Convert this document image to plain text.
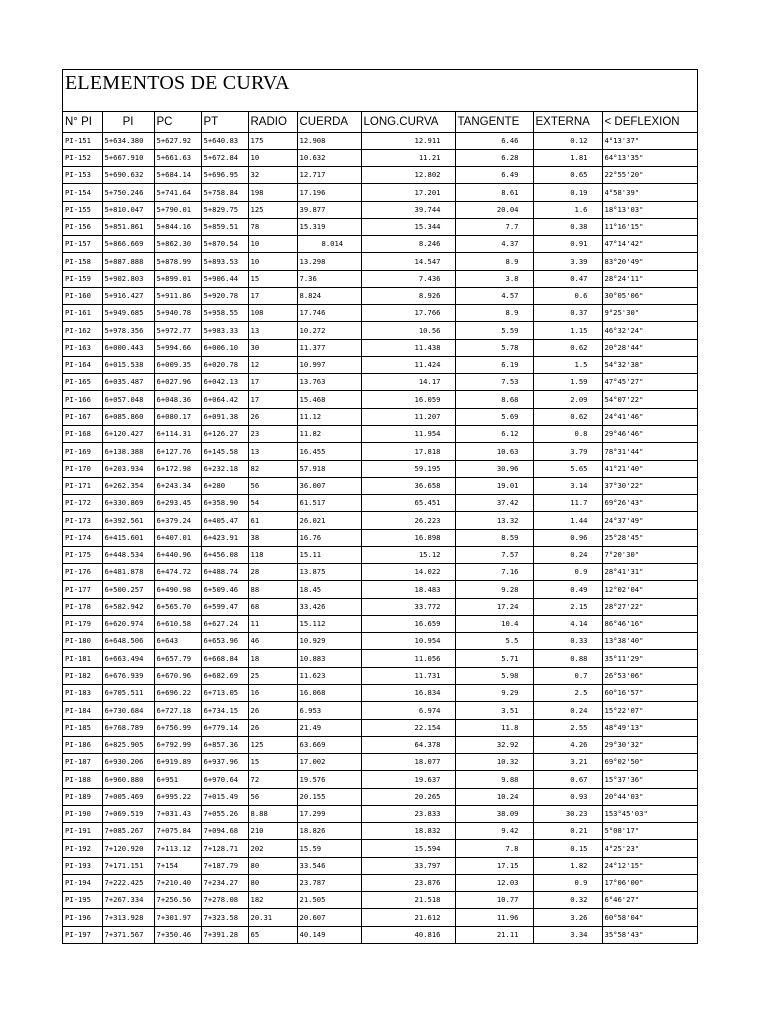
ELEMENTOS DE CURVA
N° PI	PI	PC	PT	RADIO	CUERDA	LONG.CURVA	TANGENTE	EXTERNA	< DEFLEXION
PI-151	5+634.380	5+627.92	5+640.83	175	12.908	12.911	6.46	0.12	4°13'37"
PI-152	5+667.910	5+661.63	5+672.84	10	10.632	11.21	6.28	1.81	64°13'35"
PI-153	5+690.632	5+684.14	5+696.95	32	12.717	12.802	6.49	0.65	22°55'20"
PI-154	5+750.246	5+741.64	5+758.84	198	17.196	17.201	8.61	0.19	4°58'39"
PI-155	5+810.047	5+790.01	5+829.75	125	39.877	39.744	20.04	1.6	18°13'03"
PI-156	5+851.861	5+844.16	5+859.51	78	15.319	15.344	7.7	0.38	11°16'15"
PI-157	5+866.669	5+862.30	5+870.54	10	8.014	8.246	4.37	0.91	47°14'42"
PI-158	5+887.888	5+878.99	5+893.53	10	13.298	14.547	8.9	3.39	83°20'49"
PI-159	5+902.803	5+899.01	5+906.44	15	7.36	7.436	3.8	0.47	28°24'11"
PI-160	5+916.427	5+911.86	5+920.78	17	8.824	8.926	4.57	0.6	30°05'06"
PI-161	5+949.685	5+940.78	5+958.55	108	17.746	17.766	8.9	0.37	9°25'30"
PI-162	5+978.356	5+972.77	5+983.33	13	10.272	10.56	5.59	1.15	46°32'24"
PI-163	6+000.443	5+994.66	6+006.10	30	11.377	11.438	5.78	0.62	20°28'44"
PI-164	6+015.538	6+009.35	6+020.78	12	10.997	11.424	6.19	1.5	54°32'38"
PI-165	6+035.487	6+027.96	6+042.13	17	13.763	14.17	7.53	1.59	47°45'27"
PI-166	6+057.048	6+048.36	6+064.42	17	15.468	16.059	8.68	2.09	54°07'22"
PI-167	6+085.860	6+080.17	6+091.38	26	11.12	11.207	5.69	0.62	24°41'46"
PI-168	6+120.427	6+114.31	6+126.27	23	11.82	11.954	6.12	0.8	29°46'46"
PI-169	6+138.388	6+127.76	6+145.58	13	16.455	17.818	10.63	3.79	78°31'44"
PI-170	6+203.934	6+172.98	6+232.18	82	57.918	59.195	30.96	5.65	41°21'40"
PI-171	6+262.354	6+243.34	6+280	56	36.007	36.658	19.01	3.14	37°30'22"
PI-172	6+330.869	6+293.45	6+358.90	54	61.517	65.451	37.42	11.7	69°26'43"
PI-173	6+392.561	6+379.24	6+405.47	61	26.021	26.223	13.32	1.44	24°37'49"
PI-174	6+415.601	6+407.01	6+423.91	38	16.76	16.898	8.59	0.96	25°28'45"
PI-175	6+448.534	6+440.96	6+456.08	118	15.11	15.12	7.57	0.24	7°20'30"
PI-176	6+481.878	6+474.72	6+488.74	28	13.875	14.022	7.16	0.9	28°41'31"
PI-177	6+500.257	6+490.98	6+509.46	88	18.45	18.483	9.28	0.49	12°02'04"
PI-178	6+582.942	6+565.70	6+599.47	68	33.426	33.772	17.24	2.15	28°27'22"
PI-179	6+620.974	6+610.58	6+627.24	11	15.112	16.659	10.4	4.14	86°46'16"
PI-180	6+648.506	6+643	6+653.96	46	10.929	10.954	5.5	0.33	13°38'40"
PI-181	6+663.494	6+657.79	6+668.84	18	10.883	11.056	5.71	0.88	35°11'29"
PI-182	6+676.939	6+670.96	6+682.69	25	11.623	11.731	5.98	0.7	26°53'06"
PI-183	6+705.511	6+696.22	6+713.05	16	16.068	16.834	9.29	2.5	60°16'57"
PI-184	6+730.684	6+727.18	6+734.15	26	6.953	6.974	3.51	0.24	15°22'07"
PI-185	6+768.789	6+756.99	6+779.14	26	21.49	22.154	11.8	2.55	48°49'13"
PI-186	6+825.905	6+792.99	6+857.36	125	63.669	64.378	32.92	4.26	29°30'32"
PI-187	6+930.206	6+919.89	6+937.96	15	17.002	18.077	10.32	3.21	69°02'50"
PI-188	6+960.880	6+951	6+970.64	72	19.576	19.637	9.88	0.67	15°37'36"
PI-189	7+005.469	6+995.22	7+015.49	56	20.155	20.265	10.24	0.93	20°44'03"
PI-190	7+069.519	7+031.43	7+055.26	8.88	17.299	23.833	38.09	30.23	153°45'03"
PI-191	7+085.267	7+075.84	7+094.68	210	18.826	18.832	9.42	0.21	5°08'17"
PI-192	7+120.920	7+113.12	7+128.71	202	15.59	15.594	7.8	0.15	4°25'23"
PI-193	7+171.151	7+154	7+187.79	80	33.546	33.797	17.15	1.82	24°12'15"
PI-194	7+222.425	7+210.40	7+234.27	80	23.787	23.876	12.03	0.9	17°06'00"
PI-195	7+267.334	7+256.56	7+278.08	182	21.505	21.518	10.77	0.32	6°46'27"
PI-196	7+313.928	7+301.97	7+323.58	20.31	20.607	21.612	11.96	3.26	60°58'04"
PI-197	7+371.567	7+350.46	7+391.28	65	40.149	40.816	21.11	3.34	35°58'43"
